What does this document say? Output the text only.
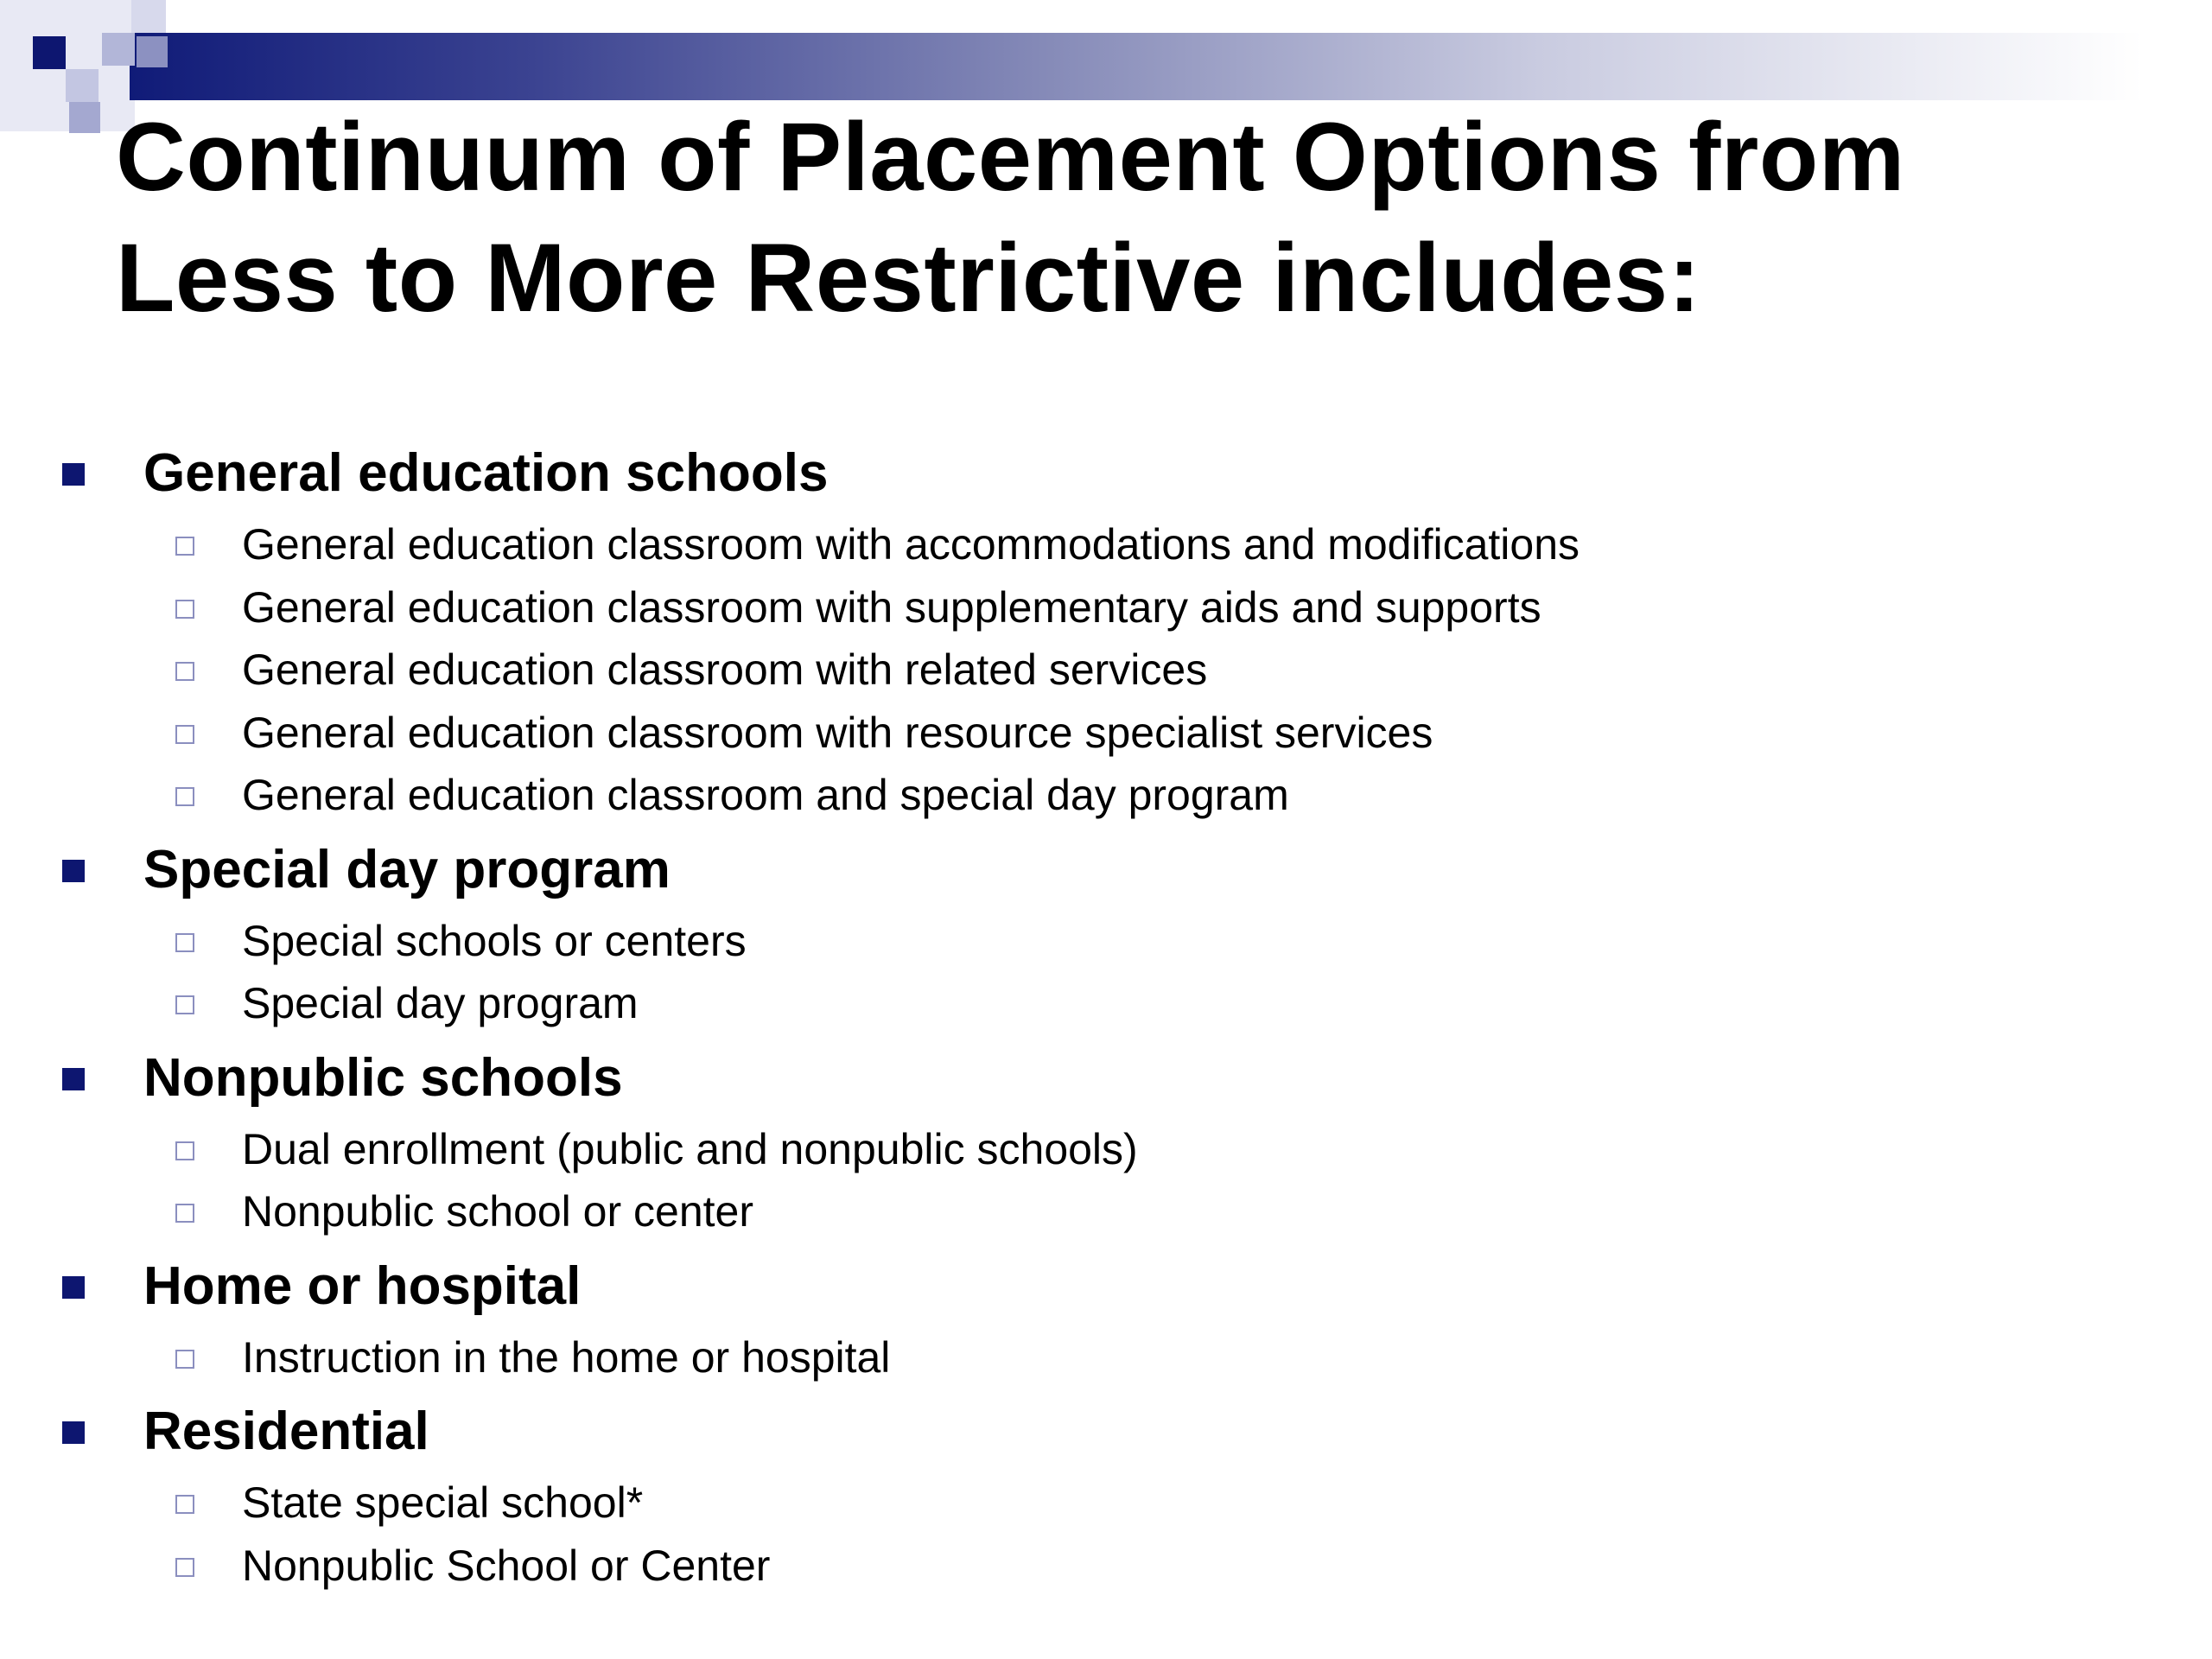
Continuum of Placement Options from
Less to More Restrictive includes:
General education schools
General education classroom with accommodations and modifications
General education classroom with supplementary aids and supports
General education classroom with related services
General education classroom with resource specialist services
General education classroom and special day program
Special day program
Special schools or centers
Special day program
Nonpublic schools
Dual enrollment (public and nonpublic schools)
Nonpublic school or center
Home or hospital
Instruction in the home or hospital
Residential
State special school*
Nonpublic School or Center
